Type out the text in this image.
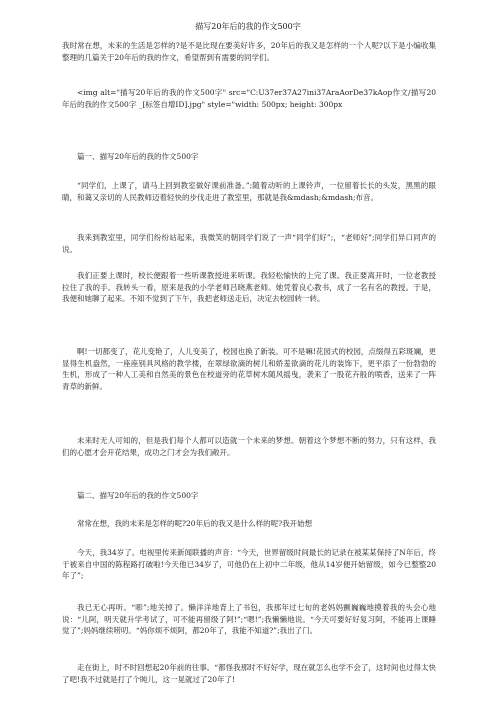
描写20年后的我的作文500字

我时常在想，未来的生活是怎样的?是不是比现在要美好许多，20年后的我又是怎样的一个人呢?以下是小编收集整理的几篇关于20年后的我的作文，希望帮到有需要的同学们。

<img alt="描写20年后的我的作文500字" src="C:U37er37A27ini37AraAorDe37kAop作文/描写20年后的我的作文500字 _[标签自增ID].jpg" style="width: 500px; height: 300px

篇一、描写20年后的我的作文500字

“同学们，上课了，请马上回到教室做好课前准备。”;随着动听的上课铃声，一位留着长长的头发，黑黑的眼睛，和蔼又亲切的人民教师迈着轻快的步伐走进了教室里，那就是我&mdash;&mdash;布音。

我来到教室里，同学们纷纷站起来，我微笑的朝同学们说了一声“同学们好”;，“老师好”;同学们异口同声的说。

我们正要上课时，校长便跟着一些听课教授进来听课。我轻松愉快的上完了课。我正要离开时，一位老教授拉住了我的手。我转头一看，原来是我的小学老师吕晓燕老师。她凭着良心教书，成了一名有名的教授。于是，我便和她聊了起来。不知不觉到了下午，我把老师送走后，决定去校园转一转。

啊!一切都变了，花儿变艳了，人儿变美了，校园也换了新装。可不是嘛!花园式的校园，点缀得五彩斑斓，更显得生机盎然，一座座别具风格的教学楼，在翠绿欲滴的树儿和娇羞欲滴的花儿的装饰下，更平添了一份勃勃的生机，形成了一种人工美和自然美的景色在校道旁的花草树木随风摇曳，袭来了一股花卉般的喷香，送来了一阵青草的新鲜。

未来时无人可知的，但是我们每个人都可以造就一个未来的梦想。朝着这个梦想不断的努力，只有这样，我们的心愿才会开花结果，成功之门才会为我们敞开。

篇二、描写20年后的我的作文500字

常常在想，我的未来是怎样的呢?20年后的我又是什么样的呢?我开始想

今天，我34岁了。电视里传来新闻联播的声音：“今天，世界留级时间最长的记录在被某某保持了N年后，终于被来自中国的陈程路打破啦!今天他已34岁了，可他仍在上初中二年级，他从14岁便开始留级，如今已整整20年了”;

我已无心再听。“嘭”;地关掉了。懒洋洋地背上了书包，我那年过七旬的老妈妈颤巍巍地摸着我的头会心地说：“儿阿，明天就升学考试了，可不能再留级了阿!”;“嗯!”;我懒懒地说。“今天可要好好复习阿，不能再上课睡觉了”;妈妈继续唠叨。“妈你烦不烦阿，都20年了，我能不知道?”;我出了门。

走在街上，时不时回想起20年前的往事。“都怪我那时不好好学，现在就怎么也学不会了，这时间也过得太快了吧!我不过就是打了个盹儿，这一晃就过了20年了!
